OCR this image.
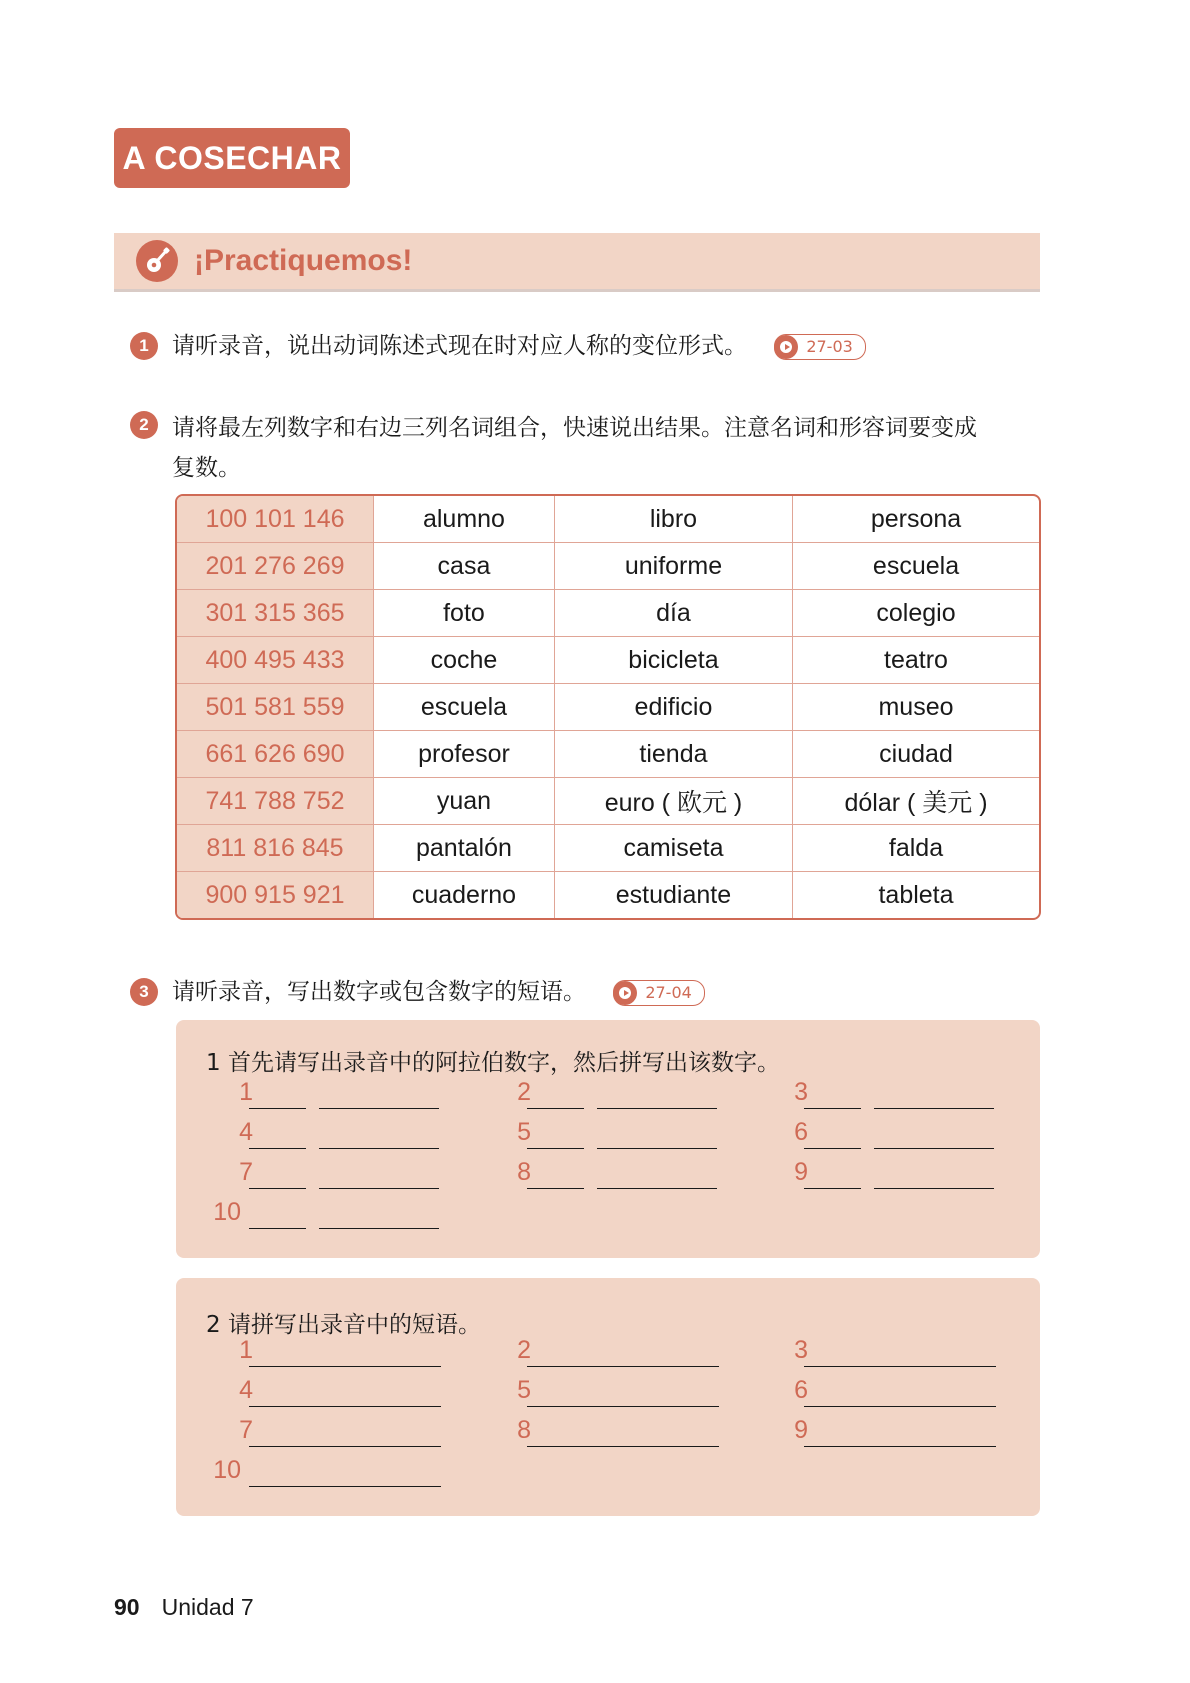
A COSECHAR
¡Practiquemos!
1	请听录音，说出动词陈述式现在时对应人称的变位形式。	27-03
2	请将最左列数字和右边三列名词组合，快速说出结果。注意名词和形容词要变成
复数。
100 101 146	alumno	libro	persona
201 276 269	casa	uniforme	escuela
301 315 365	foto	día	colegio
400 495 433	coche	bicicleta	teatro
501 581 559	escuela	edificio	museo
661 626 690	profesor	tienda	ciudad
741 788 752	yuan	euro ( 欧元 )	dólar ( 美元 )
811 816 845	pantalón	camiseta	falda
900 915 921	cuaderno	estudiante	tableta
3	请听录音，写出数字或包含数字的短语。	27-04
1 首先请写出录音中的阿拉伯数字，然后拼写出该数字。
1	2	3
4	5	6
7	8	9
10
2 请拼写出录音中的短语。
1	2	3
4	5	6
7	8	9
10
90 Unidad 7
